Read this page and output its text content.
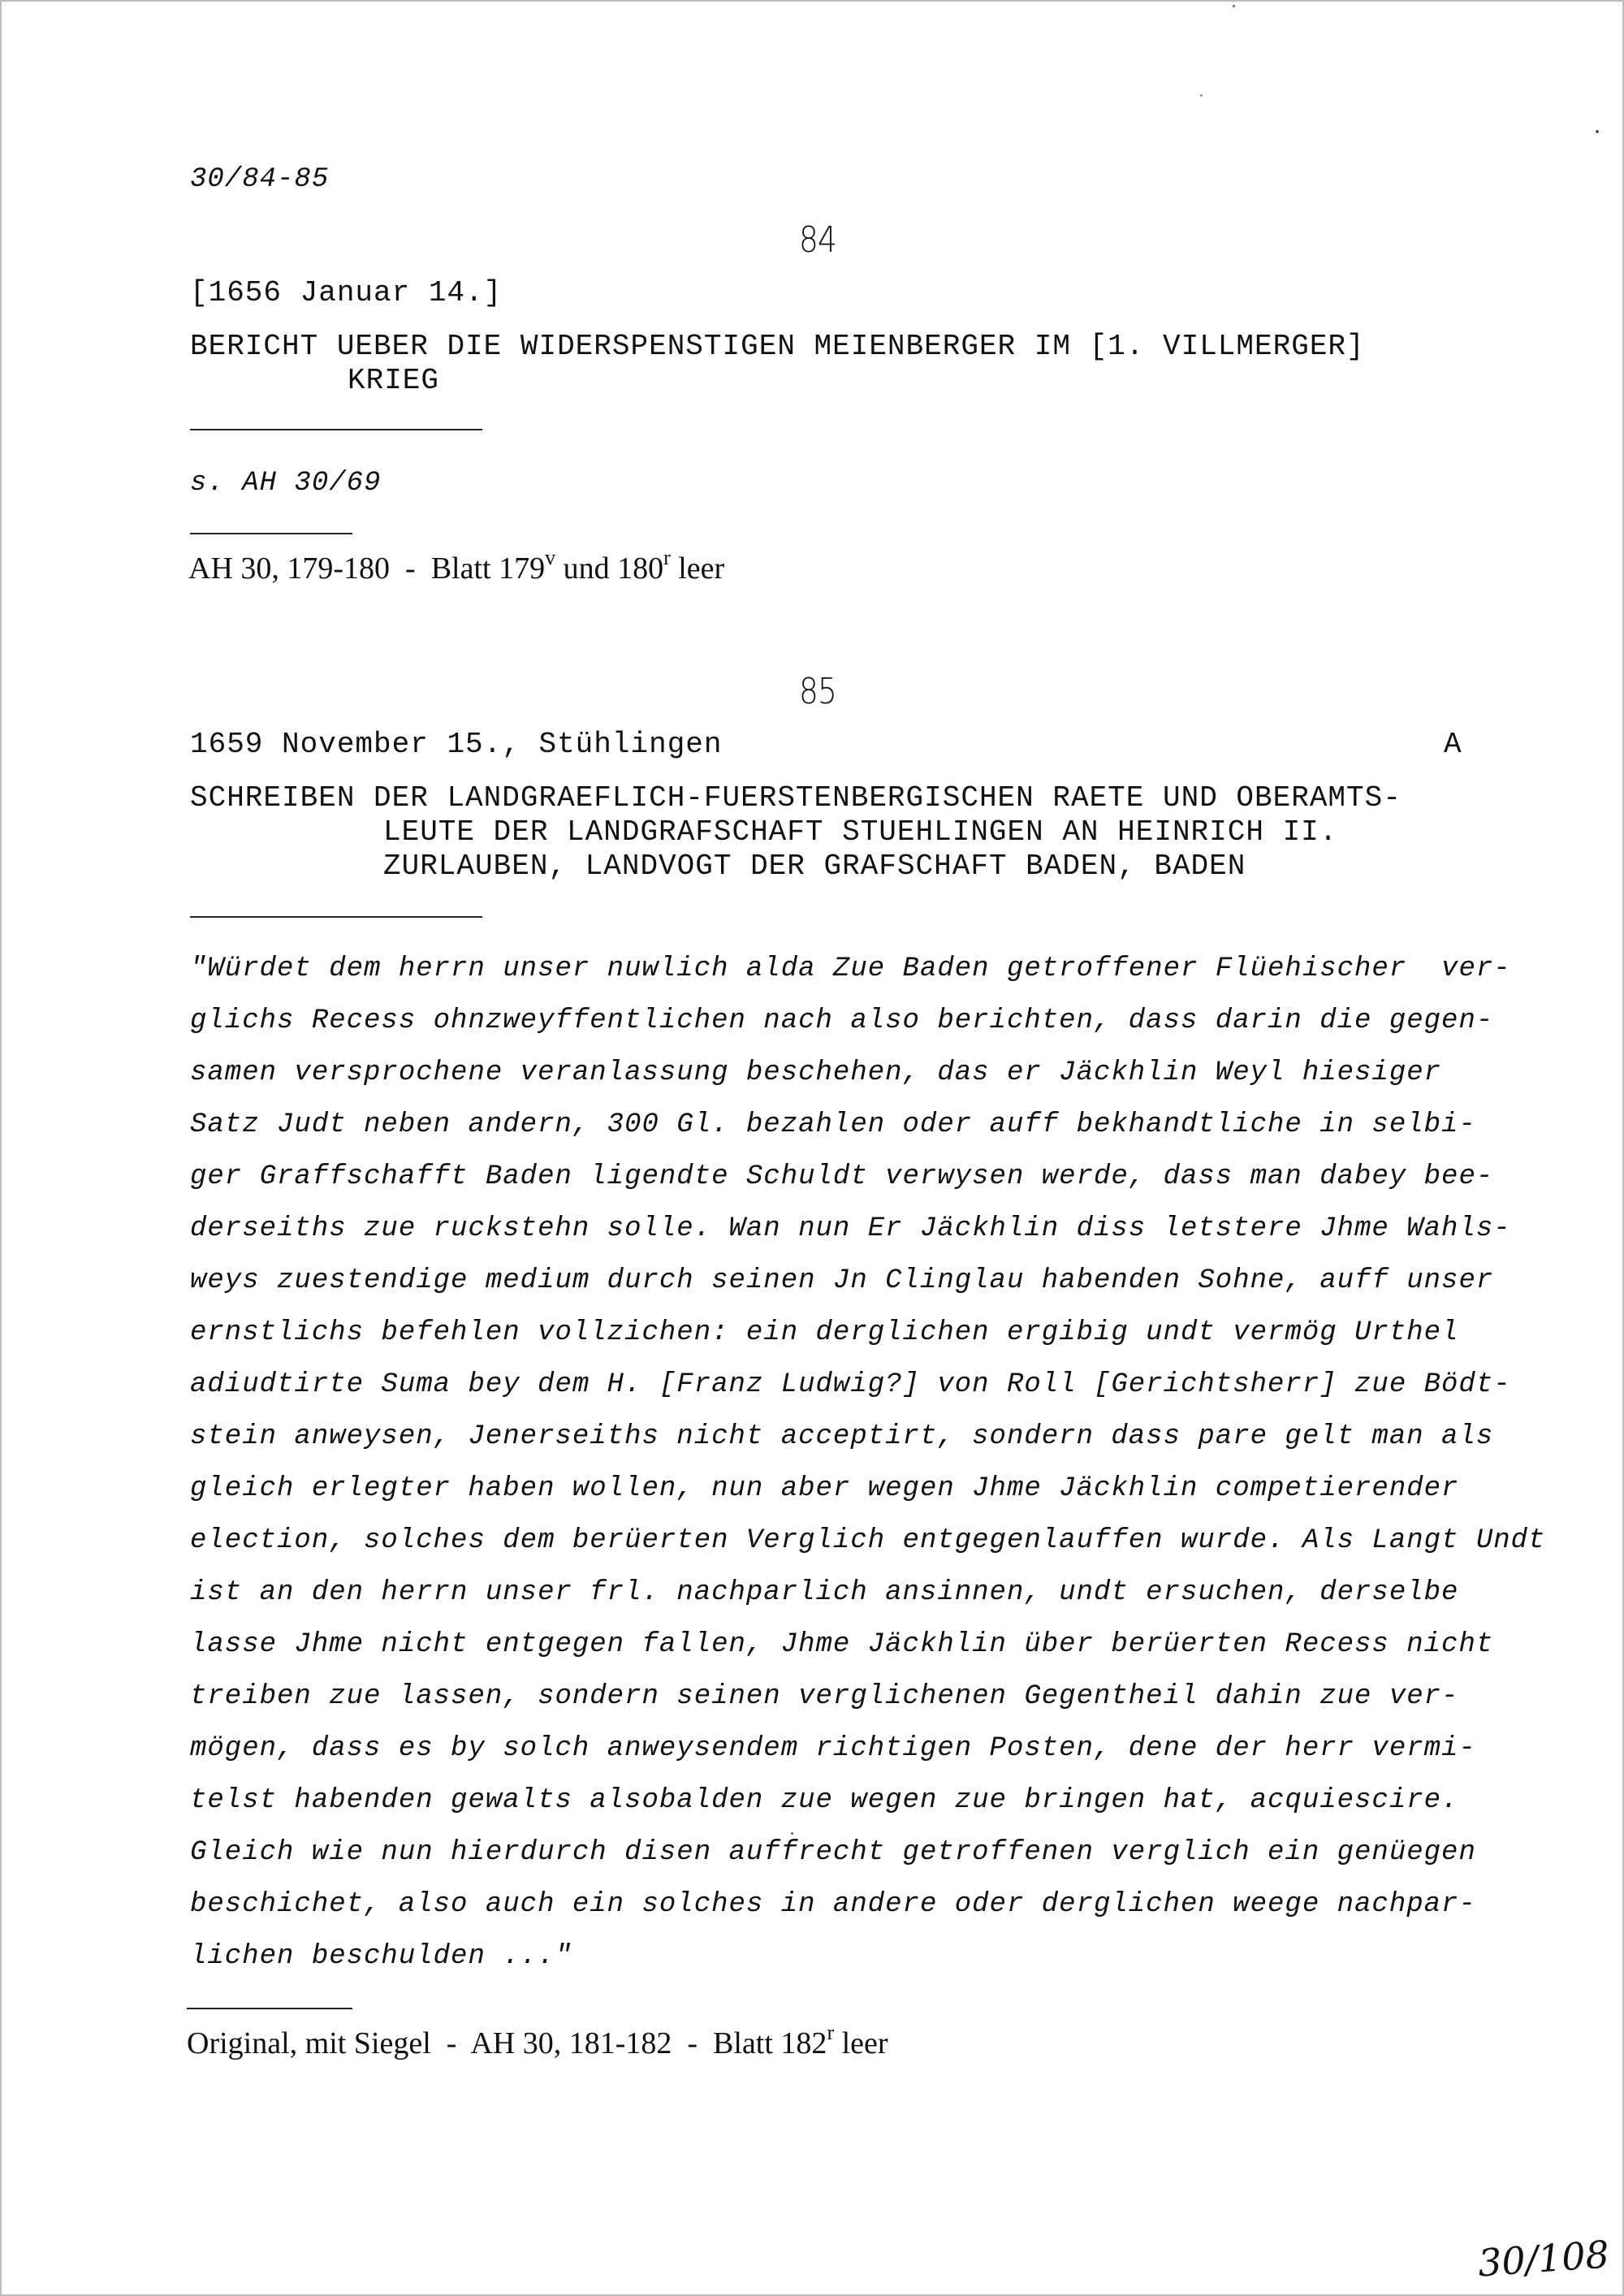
30/84-85
84
[1656 Januar 14.]
BERICHT UEBER DIE WIDERSPENSTIGEN MEIENBERGER IM [1. VILLMERGER]
KRIEG
s. AH 30/69
AH 30, 179-180  -  Blatt 179$^v$ und 180$^r$ leer
85
1659 November 15., Stühlingen	A
SCHREIBEN DER LANDGRAEFLICH-FUERSTENBERGISCHEN RAETE UND OBERAMTS-
LEUTE DER LANDGRAFSCHAFT STUEHLINGEN AN HEINRICH II.
ZURLAUBEN, LANDVOGT DER GRAFSCHAFT BADEN, BADEN
"Würdet dem herrn unser nuwlich alda Zue Baden getroffener Flüehischer  ver-
glichs Recess ohnzweyffentlichen nach also berichten, dass darin die gegen-
samen versprochene veranlassung beschehen, das er Jäckhlin Weyl hiesiger
Satz Judt neben andern, 300 Gl. bezahlen oder auff bekhandtliche in selbi-
ger Graffschafft Baden ligendte Schuldt verwysen werde, dass man dabey bee-
derseiths zue ruckstehn solle. Wan nun Er Jäckhlin diss letstere Jhme Wahls-
weys zuestendige medium durch seinen Jn Clinglau habenden Sohne, auff unser
ernstlichs befehlen vollzichen: ein derglichen ergibig undt vermög Urthel
adiudtirte Suma bey dem H. [Franz Ludwig?] von Roll [Gerichtsherr] zue Bödt-
stein anweysen, Jenerseiths nicht acceptirt, sondern dass pare gelt man als
gleich erlegter haben wollen, nun aber wegen Jhme Jäckhlin competierender
election, solches dem berüerten Verglich entgegenlauffen wurde. Als Langt Undt
ist an den herrn unser frl. nachparlich ansinnen, undt ersuchen, derselbe
lasse Jhme nicht entgegen fallen, Jhme Jäckhlin über berüerten Recess nicht
treiben zue lassen, sondern seinen verglichenen Gegentheil dahin zue ver-
mögen, dass es by solch anweysendem richtigen Posten, dene der herr vermi-
telst habenden gewalts alsobalden zue wegen zue bringen hat, acquiescire.
Gleich wie nun hierdurch disen auffrecht getroffenen verglich ein genüegen
beschichet, also auch ein solches in andere oder derglichen weege nachpar-
lichen beschulden ..."
Original, mit Siegel  -  AH 30, 181-182  -  Blatt 182$^r$ leer
30/108
